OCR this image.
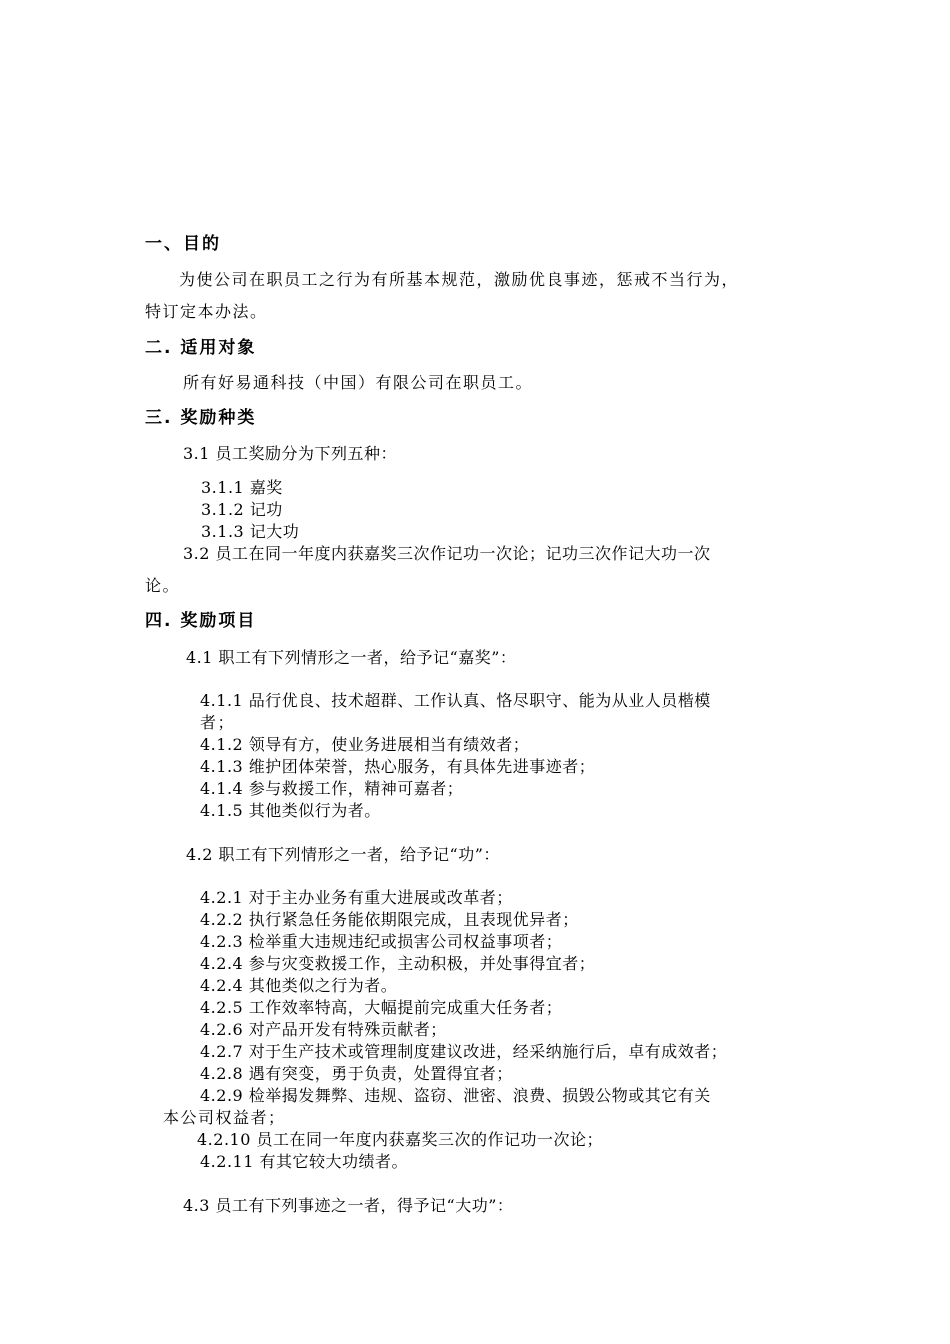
一、目的
为使公司在职员工之行为有所基本规范，激励优良事迹，惩戒不当行为，
特订定本办法。
二. 适用对象
所有好易通科技（中国）有限公司在职员工。
三. 奖励种类
3.1 员工奖励分为下列五种：
3.1.1 嘉奖
3.1.2 记功
3.1.3 记大功
3.2 员工在同一年度内获嘉奖三次作记功一次论；记功三次作记大功一次
论。
四. 奖励项目
4.1 职工有下列情形之一者，给予记“嘉奖”：
4.1.1 品行优良、技术超群、工作认真、恪尽职守、能为从业人员楷模
者；
4.1.2 领导有方，使业务进展相当有绩效者；
4.1.3 维护团体荣誉，热心服务，有具体先进事迹者；
4.1.4 参与救援工作，精神可嘉者；
4.1.5 其他类似行为者。
4.2 职工有下列情形之一者，给予记“功”：
4.2.1 对于主办业务有重大进展或改革者；
4.2.2 执行紧急任务能依期限完成，且表现优异者；
4.2.3 检举重大违规违纪或损害公司权益事项者；
4.2.4 参与灾变救援工作，主动积极，并处事得宜者；
4.2.4 其他类似之行为者。
4.2.5 工作效率特高，大幅提前完成重大任务者；
4.2.6 对产品开发有特殊贡献者；
4.2.7 对于生产技术或管理制度建议改进，经采纳施行后，卓有成效者；
4.2.8 遇有突变，勇于负责，处置得宜者；
4.2.9 检举揭发舞弊、违规、盗窃、泄密、浪费、损毁公物或其它有关
本公司权益者；
4.2.10 员工在同一年度内获嘉奖三次的作记功一次论；
4.2.11 有其它较大功绩者。
4.3 员工有下列事迹之一者，得予记“大功”：
